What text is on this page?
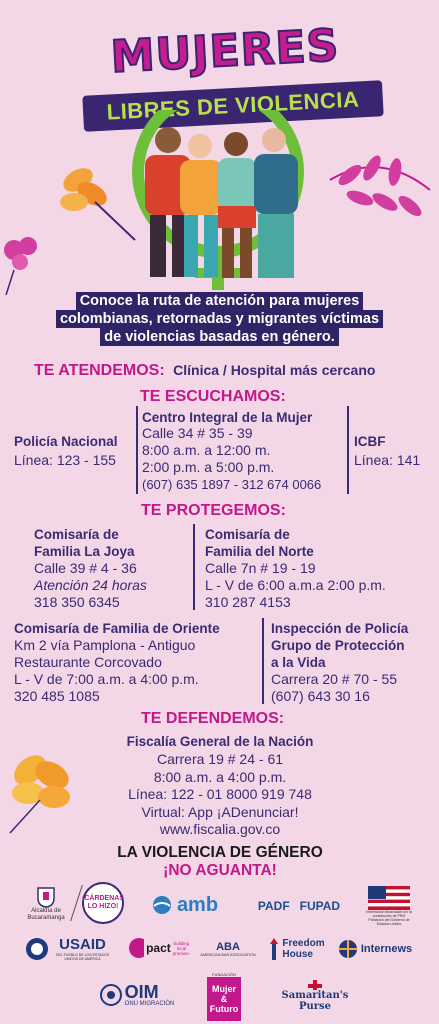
MUJERES
LIBRES DE VIOLENCIA
Conoce la ruta de atención para mujeres
colombianas, retornadas y migrantes víctimas
de violencias basadas en género.
TE ATENDEMOS: Clínica / Hospital más cercano
TE ESCUCHAMOS:
Policía Nacional
Línea: 123 - 155
Centro Integral de la Mujer
Calle 34 # 35 - 39
8:00 a.m. a 12:00 m.
2:00 p.m. a 5:00 p.m.
(607) 635 1897 - 312 674 0066
ICBF
Línea: 141
TE PROTEGEMOS:
Comisaría de
Familia La Joya
Calle 39 # 4 - 36
Atención 24 horas
318 350 6345
Comisaría de
Familia del Norte
Calle 7n # 19 - 19
L - V de 6:00 a.m.a 2:00 p.m.
310 287 4153
Comisaría de Familia de Oriente
Km 2 vía Pamplona - Antiguo
Restaurante Corcovado
L - V de 7:00 a.m. a 4:00 p.m.
320 485 1085
Inspección de Policía
Grupo de Protección
a la Vida
Carrera 20 # 70 - 55
(607) 643 30 16
TE DEFENDEMOS:
Fiscalía General de la Nación
Carrera 19 # 24 - 61
8:00 a.m. a 4:00 p.m.
Línea: 122 - 01 8000 919 748
Virtual: App ¡ADenunciar!
www.fiscalia.gov.co
LA VIOLENCIA DE GÉNERO
¡NO AGUANTA!
Alcaldía de Bucaramanga
¡CÁRDENAS LO HIZO!	amb	PADF FUPAD	Información financiada con la contribución de PRM Población del Gobierno de Estados Unidos
USAID
DEL PUEBLO DE LOS ESTADOS UNIDOS DE AMÉRICA
pact building local promise. ABA
AMERICAN BAR ASSOCIATION
Freedom
House	Internews
OIM
ONU MIGRACIÓN
FUNDACIÓN
Mujer
&
Futuro
Samaritan's Purse
